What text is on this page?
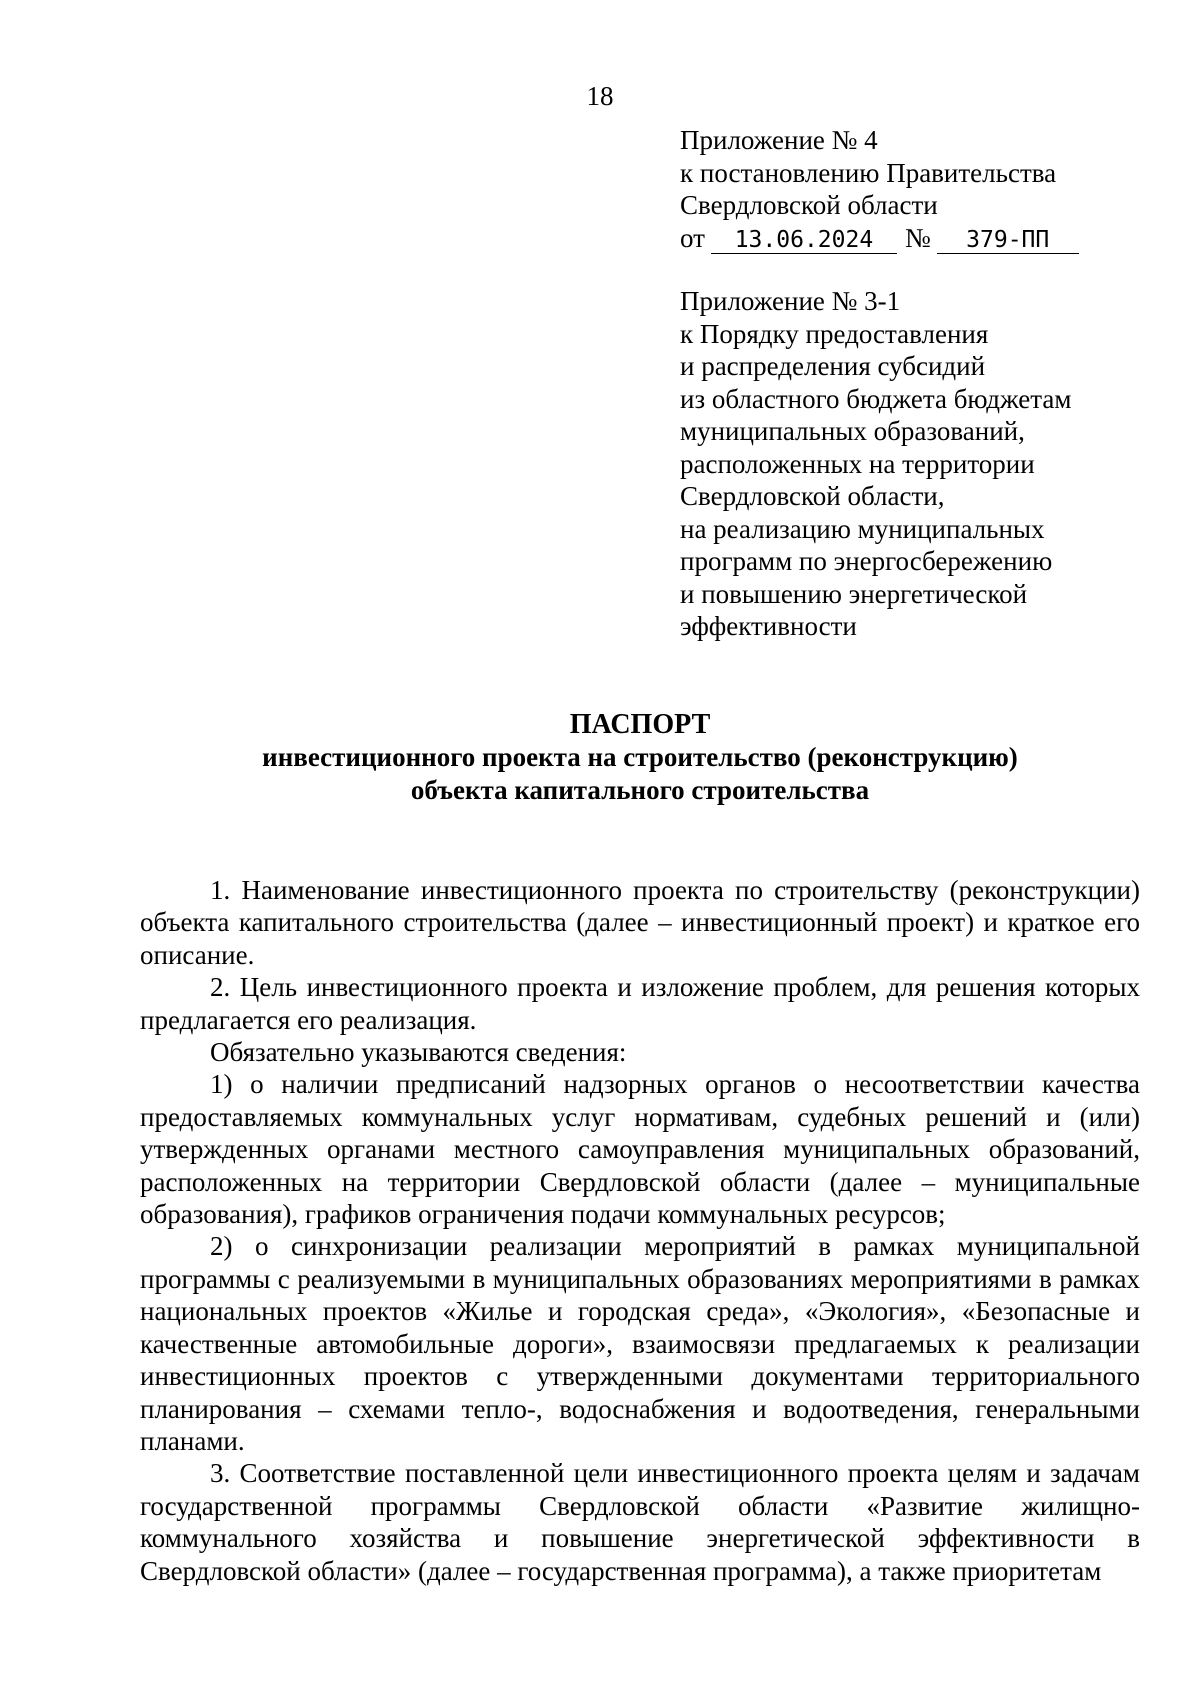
18
Приложение № 4
к постановлению Правительства
Свердловской области
от 13.06.2024 № 379-ПП
Приложение № 3-1
к Порядку предоставления
и распределения субсидий
из областного бюджета бюджетам
муниципальных образований,
расположенных на территории
Свердловской области,
на реализацию муниципальных
программ по энергосбережению
и повышению энергетической
эффективности
ПАСПОРТ
инвестиционного проекта на строительство (реконструкцию)
объекта капитального строительства

1. Наименование инвестиционного проекта по строительству (реконструкции) объекта капитального строительства (далее – инвестиционный проект) и краткое его описание.

2. Цель инвестиционного проекта и изложение проблем, для решения которых предлагается его реализация.

Обязательно указываются сведения:

1) о наличии предписаний надзорных органов о несоответствии качества предоставляемых коммунальных услуг нормативам, судебных решений и (или) утвержденных органами местного самоуправления муниципальных образований, расположенных на территории Свердловской области (далее – муниципальные образования), графиков ограничения подачи коммунальных ресурсов;

2) о синхронизации реализации мероприятий в рамках муниципальной программы с реализуемыми в муниципальных образованиях мероприятиями в рамках национальных проектов «Жилье и городская среда», «Экология», «Безопасные и качественные автомобильные дороги», взаимосвязи предлагаемых к реализации инвестиционных проектов с утвержденными документами территориального планирования – схемами тепло-, водоснабжения и водоотведения, генеральными планами.

3. Соответствие поставленной цели инвестиционного проекта целям и задачам государственной программы Свердловской области «Развитие жилищно-коммунального хозяйства и повышение энергетической эффективности в Свердловской области» (далее – государственная программа), а также приоритетам
